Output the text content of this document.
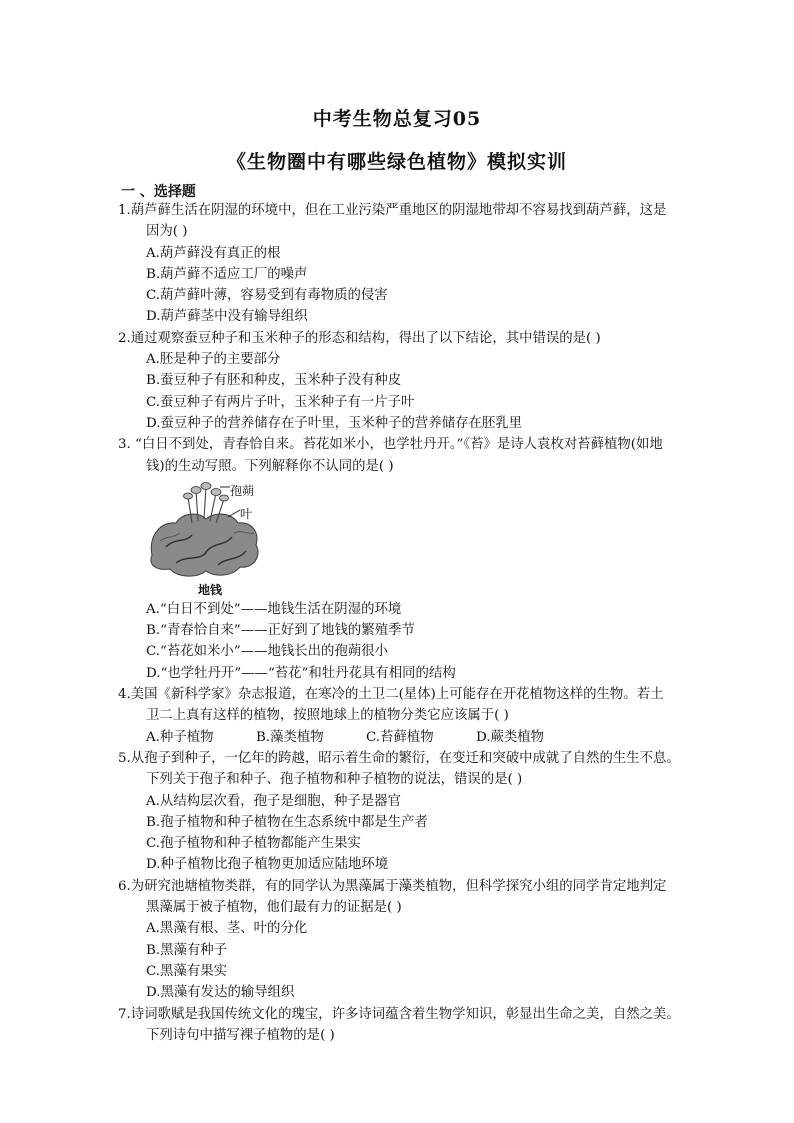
中考生物总复习05
《生物圈中有哪些绿色植物》模拟实训
一 、选择题
1.葫芦藓生活在阴湿的环境中，但在工业污染严重地区的阴湿地带却不容易找到葫芦藓，这是
因为( )
A.葫芦藓没有真正的根
B.葫芦藓不适应工厂的噪声
C.葫芦藓叶薄，容易受到有毒物质的侵害
D.葫芦藓茎中没有输导组织
2.通过观察蚕豆种子和玉米种子的形态和结构，得出了以下结论，其中错误的是( )
A.胚是种子的主要部分
B.蚕豆种子有胚和种皮，玉米种子没有种皮
C.蚕豆种子有两片子叶，玉米种子有一片子叶
D.蚕豆种子的营养储存在子叶里，玉米种子的营养储存在胚乳里
3. “白日不到处，青春恰自来。苔花如米小，也学牡丹开。”《苔》是诗人袁枚对苔藓植物(如地
钱)的生动写照。下列解释你不认同的是( )
孢蒴
叶
地钱
A.“白日不到处”——地钱生活在阴湿的环境
B.“青春恰自来”——正好到了地钱的繁殖季节
C.“苔花如米小”——地钱长出的孢蒴很小
D.“也学牡丹开”——“苔花”和牡丹花具有相同的结构
4.美国《新科学家》杂志报道，在寒冷的土卫二(星体)上可能存在开花植物这样的生物。若土
卫二上真有这样的植物，按照地球上的植物分类它应该属于( )
A.种子植物	B.藻类植物	C.苔藓植物	D.蕨类植物
5.从孢子到种子，一亿年的跨越，昭示着生命的繁衍，在变迁和突破中成就了自然的生生不息。
下列关于孢子和种子、孢子植物和种子植物的说法，错误的是( )
A.从结构层次看，孢子是细胞，种子是器官
B.孢子植物和种子植物在生态系统中都是生产者
C.孢子植物和种子植物都能产生果实
D.种子植物比孢子植物更加适应陆地环境
6.为研究池塘植物类群，有的同学认为黑藻属于藻类植物，但科学探究小组的同学肯定地判定
黑藻属于被子植物，他们最有力的证据是( )
A.黑藻有根、茎、叶的分化
B.黑藻有种子
C.黑藻有果实
D.黑藻有发达的输导组织
7.诗词歌赋是我国传统文化的瑰宝，许多诗词蕴含着生物学知识，彰显出生命之美，自然之美。
下列诗句中描写裸子植物的是( )
